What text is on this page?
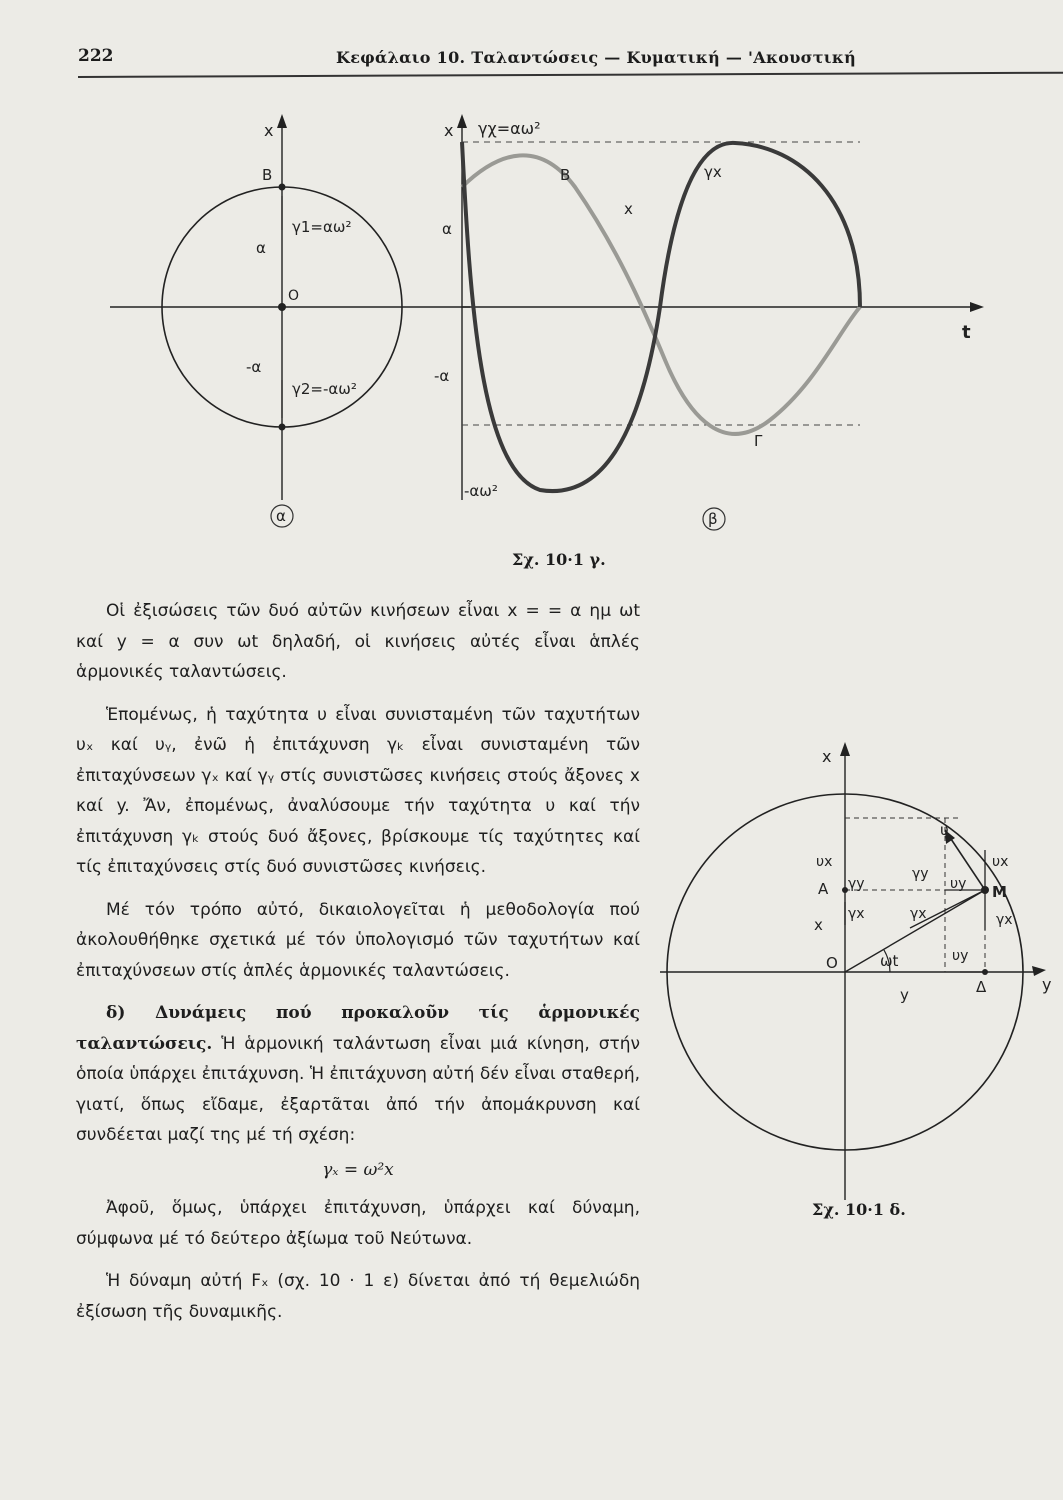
222	Κεφάλαιο 10. Ταλαντώσεις — Κυματική — 'Ακουστική
x
B
O
α
-α
γ1=αω²
γ2=-αω²
α
γχ=αω²
x
B
α
-α
Γ
-αω²
x
γx
t
β
Σχ. 10·1 γ.
x
y
M
A
Δ
O	ωt
υ
υx	υx
υy
υy
γy
γy
γx	γx	γx
x
y
Σχ. 10·1 δ.

Οἱ ἐξισώσεις τῶν δυό αὐτῶν κινήσεων εἶναι x = = α ημ ωt καί y = α συν ωt δηλαδή, οἱ κινήσεις αὐτές εἶναι ἁπλές ἁρμονικές ταλαντώσεις.

Ἑπομένως, ἡ ταχύτητα υ εἶναι συνισταμένη τῶν ταχυτήτων υₓ καί υᵧ, ἐνῶ ἡ ἐπιτάχυνση γₖ εἶναι συνισταμένη τῶν ἐπιταχύνσεων γₓ καί γᵧ στίς συνιστῶσες κινήσεις στούς ἄξονες x καί y. Ἄν, ἐπομένως, ἀναλύσουμε τήν ταχύτητα υ καί τήν ἐπιτάχυνση γₖ στούς δυό ἄξονες, βρίσκουμε τίς ταχύτητες καί τίς ἐπιταχύνσεις στίς δυό συνιστῶσες κινήσεις.

Μέ τόν τρόπο αὐτό, δικαιολογεῖται ἡ μεθοδολογία πού ἀκολουθήθηκε σχετικά μέ τόν ὑπολογισμό τῶν ταχυτήτων καί ἐπιταχύνσεων στίς ἁπλές ἁρμονικές ταλαντώσεις.

δ) Δυνάμεις πού προκαλοῦν τίς ἁρμονικές ταλαντώσεις. Ἡ ἁρμονική ταλάντωση εἶναι μιά κίνηση, στήν ὁποία ὑπάρχει ἐπιτάχυνση. Ἡ ἐπιτάχυνση αὐτή δέν εἶναι σταθερή, γιατί, ὅπως εἴδαμε, ἐξαρτᾶται ἀπό τήν ἀπομάκρυνση καί συνδέεται μαζί της μέ τή σχέση:

γₓ = ω²x

Ἀφοῦ, ὅμως, ὑπάρχει ἐπιτάχυνση, ὑπάρχει καί δύναμη, σύμφωνα μέ τό δεύτερο ἀξίωμα τοῦ Νεύτωνα.

Ἡ δύναμη αὐτή Fₓ (σχ. 10 · 1 ε) δίνεται ἀπό τή θεμελιώδη ἐξίσωση τῆς δυναμικῆς.
